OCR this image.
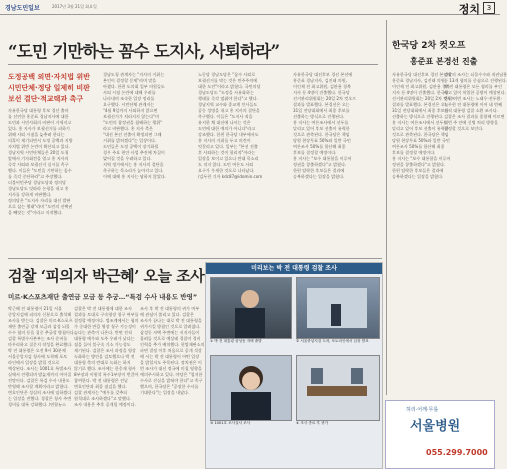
경남도민일보	2017년 3월 21일 화요일	정치 3
“도민 기만하는 꼼수 도지사, 사퇴하라”
도정공백 외면·자치법 위반
시민단체·정당 일제히 비판
보선 결단·적교택과 촉구
자유한국당 대통령 후보 경선 출마
를 선언한 홍준표 경남지사에 대한
도민과 시민사회의 비판이 거세지고
있다. 홍 지사가 보궐선거를 피하기
위해 사퇴 시점을 늦추려 한다는
의혹이 제기되면서 도정 공백과 지방
자치법 위반 논란이 확산되고 있다.
경남지역 시민단체들은 20일 도청
앞에서 기자회견을 열고 홍 지사의
즉각 사퇴와 보궐선거 실시를 촉구
했다. 이들은 "도민을 기만하는 꼼수
를 즉각 중단하라"고 주장했다.
더불어민주당 경남도당과 정의당
경남도당도 잇따라 논평을 내고 홍
지사를 강하게 비판했다.
정의당은 "도지사 자리를 대선 발판
으로 삼는 행태"라며 "도민의 선택권
을 빼앗는 것"이라고 지적했다.
경남도청 관계자는 "지사의 거취는
본인이 결정할 문제"라며 말을
아꼈다. 한편 도의회 일부 의원들도
사퇴 시점 논란에 대해 우려를
나타내며 조속한 입장 정리를
요구했다. 시민단체 관계자는
"4월 9일까지 사퇴하지 않으면
보궐선거가 치러지지 않는다"며
"도민의 참정권을 침해하는 행위"
라고 비판했다. 홍 지사 측은
"대선 본선 진출이 확정되면 그때
거취를 밝히겠다"는 입장이다.
도민들은 도정 공백이 장기화될
경우 주요 현안 사업 추진에 차질이
빚어질 것을 우려하고 있다.
지역 정가에서는 홍 지사의 결단을
촉구하는 목소리가 높아지고 있다.
이에 대해 홍 지사는 답하지 않았다.
노동당 경남도당은 "꼼수 사퇴로
보궐선거를 막는 것은 민주주의에
대한 도전"이라고 밝혔다. 국민의당
경남도당도 "도정을 사유화하는
행태를 즉각 멈춰야 한다"고 했다.
경남지역 교수와 종교계 인사들도
공동 성명을 내고 홍 지사의 결단을
촉구했다. 이들은 "도지사 직을
유지한 채 대선에 나서는 것은
도민에 대한 예의가 아니다"라고
강조했다. 한편 한국당 내부에서도
홍 지사의 거취를 두고 의견이
엇갈리고 있다. 일부는 "본선 진출
후 사퇴하는 것이 합리적"이라는
입장을 보이고 있으나 반대 목소리
도 적지 않다. 도민 여론도 사퇴
요구가 우세한 것으로 나타났다.
/김두천 기자 kdc87@idomin.com
자유한국당 대선후보 경선 본선에
홍준표 경남지사, 김진태 의원,
이인제 전 최고위원, 김관용 경북
지사 등 4명이 진출했다. 한국당
선거관리위원회는 20일 2차 컷오프
결과를 발표했다. 본경선은 오는
31일 전당대회에서 최종 후보를
선출하는 방식으로 진행된다.
홍 지사는 여론조사에서 선두를
달리고 있어 후보 선출이 유력한
것으로 관측된다. 한국당은 책임
당원 현장투표 50%와 일반 국민
여론조사 50%를 합산해 최종
후보를 결정할 예정이다.
홍 지사는 "보수 대통합을 이루어
정권을 창출하겠다"고 밝혔다.
한편 탈락한 후보들은 결과에
승복하겠다는 입장을 밝혔다.
한국당 2차 컷오프
홍준표 본경선 진출
자유한국당 대선후보 경선 본선에
홍준표 경남지사, 김진태 의원,
이인제 전 최고위원, 김관용 경북
지사 등 4명이 진출했다. 한국당
선거관리위원회는 20일 2차 컷오프
결과를 발표했다. 본경선은 오는
31일 전당대회에서 최종 후보를
선출하는 방식으로 진행된다.
홍 지사는 여론조사에서 선두를
달리고 있어 후보 선출이 유력한
것으로 관측된다. 한국당은 책임
당원 현장투표 50%와 일반 국민
여론조사 50%를 합산해 최종
후보를 결정할 예정이다.
홍 지사는 "보수 대통합을 이루어
정권을 창출하겠다"고 밝혔다.
한편 탈락한 후보들은 결과에
승복하겠다는 입장을 밝혔다.
검찰의 조사는 뇌물수수와 직권남용
등 13개 혐의를 중심으로 진행된다.
박 전 대통령은 모든 혐의를 부인
하고 있어 치열한 공방이 예상된다.
한편 이번 조사는 노태우·전두환·
노무현 전 대통령에 이어 네 번째
전직 대통령 검찰 소환 조사다.
검찰은 조사 결과를 종합해 이르면
이번 주 안에 신병 처리 방향을
결정할 것으로 보인다.
검찰 ‘피의자 박근혜’ 오늘 조사
미르·K스포츠재단 출연금 모금 등 추궁…“특검 수사 내용도 반영”
박근혜 전 대통령이 21일 서울
중앙지검에 피의자 신분으로 출석해
조사를 받는다. 검찰은 미르·K스포츠
재단 출연금 강제 모금과 삼성 뇌물
수수 혐의 등을 집중 추궁할 방침이다.
검찰 특별수사본부는 조사 준비를
마무리하고 질문지 작성을 완료했다.
박 전 대통령은 오전 9시 30분께
서울중앙지검 청사에 도착해 포토
라인에서 입장을 밝힐 것으로
예상된다. 조사는 1001호 특별조사
실에서 진행되며 밤늦게까지 이어질
전망이다. 검찰은 특검 수사 내용도
반영해 조사할 계획이라고 밝혔다.
변호인단은 성실히 조사에 임하겠다
는 입장을 전했다. 경찰은 청사 주변
경비를 대폭 강화했다. /연합뉴스
검찰은 박 전 대통령에 대한 조사
결과를 토대로 구속영장 청구 여부를
결정할 예정이다. 법조계에서는 혐의
가 중대한 만큼 영장 청구 가능성이
높다는 관측이 나온다. 반면 전직
대통령 예우와 도주 우려가 낮다는
점을 들어 불구속 기소 가능성도
제기된다. 검찰은 조사 과정을 영상
녹화하는 방안을 검토했으나 박 전
대통령 측의 반대로 녹화는 하지
않기로 했다. 조사에는 한웅재 형사
8부장과 이원석 특수1부장이 번갈아
참여한다. 박 전 대통령은 전날
변호인단과 최종 점검을 했다.
검찰 관계자는 "예우를 갖추되
원칙대로 조사하겠다"고 말했다.
조사 내용은 추후 공개될 예정이다.
조사 후 박 전 대통령의 귀가 여부
에 관심이 쏠리고 있다. 검찰은
조사가 끝나는 대로 박 전 대통령을
귀가시킬 방침인 것으로 알려졌다.
삼성동 자택 주변에는 지지자들이
몰려들 것으로 예상돼 경찰이 경비
인력을 추가 배치했다. 헌법재판소의
파면 결정 이후 처음으로 공개 석상
에 서는 박 전 대통령이 어떤 입장
을 밝힐지도 주목된다. 정치권은 이
번 조사가 대선 정국에 미칠 영향을
예의주시하고 있다. 야당은 "철저한
수사로 진실을 밝혀야 한다"고 촉구
했으며, 한국당은 "공정한 수사를
기대한다"는 입장을 내놨다.
미리보는 박 전 대통령 검찰 조사
① 박 전 대통령 삼성동 자택 출발	② 서울중앙지검 도착, 포토라인에서 입장 발표
③ 1001호 조사실서 조사	④ 조사 종료 후 귀가
허리·어깨·무릎
서울병원
055.299.7000
